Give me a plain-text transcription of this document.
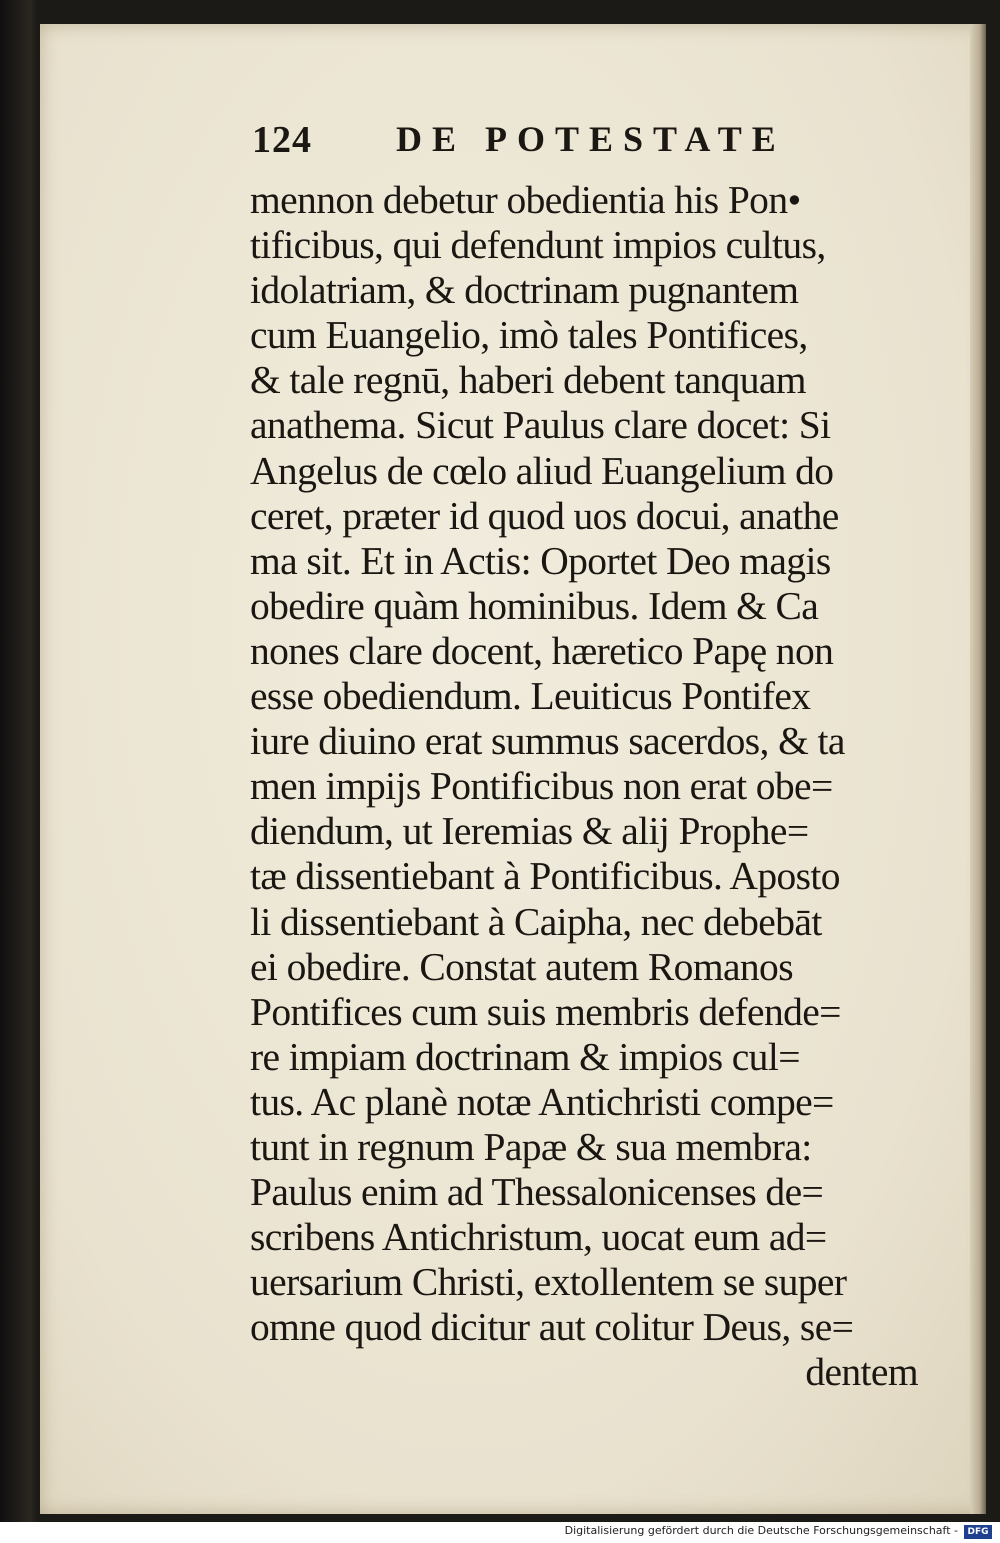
124 DE POTESTATE
mennon debetur obedientia his Pon•
tificibus, qui defendunt impios cultus,
idolatriam, & doctrinam pugnantem
cum Euangelio, imò tales Pontifices,
& tale regnū, haberi debent tanquam
anathema. Sicut Paulus clare docet: Si
Angelus de cœlo aliud Euangelium do
ceret, præter id quod uos docui, anathe
ma sit. Et in Actis: Oportet Deo magis
obedire quàm hominibus. Idem & Ca
nones clare docent, hæretico Papę non
esse obediendum. Leuiticus Pontifex
iure diuino erat summus sacerdos, & ta
men impijs Pontificibus non erat obe=
diendum, ut Ieremias & alij Prophe=
tæ dissentiebant à Pontificibus. Aposto
li dissentiebant à Caipha, nec debebāt
ei obedire. Constat autem Romanos
Pontifices cum suis membris defende=
re impiam doctrinam & impios cul=
tus. Ac planè notæ Antichristi compe=
tunt in regnum Papæ & sua membra:
Paulus enim ad Thessalonicenses de=
scribens Antichristum, uocat eum ad=
uersarium Christi, extollentem se super
omne quod dicitur aut colitur Deus, se=
dentem
Digitalisierung gefördert durch die Deutsche Forschungsgemeinschaft -	DFG
